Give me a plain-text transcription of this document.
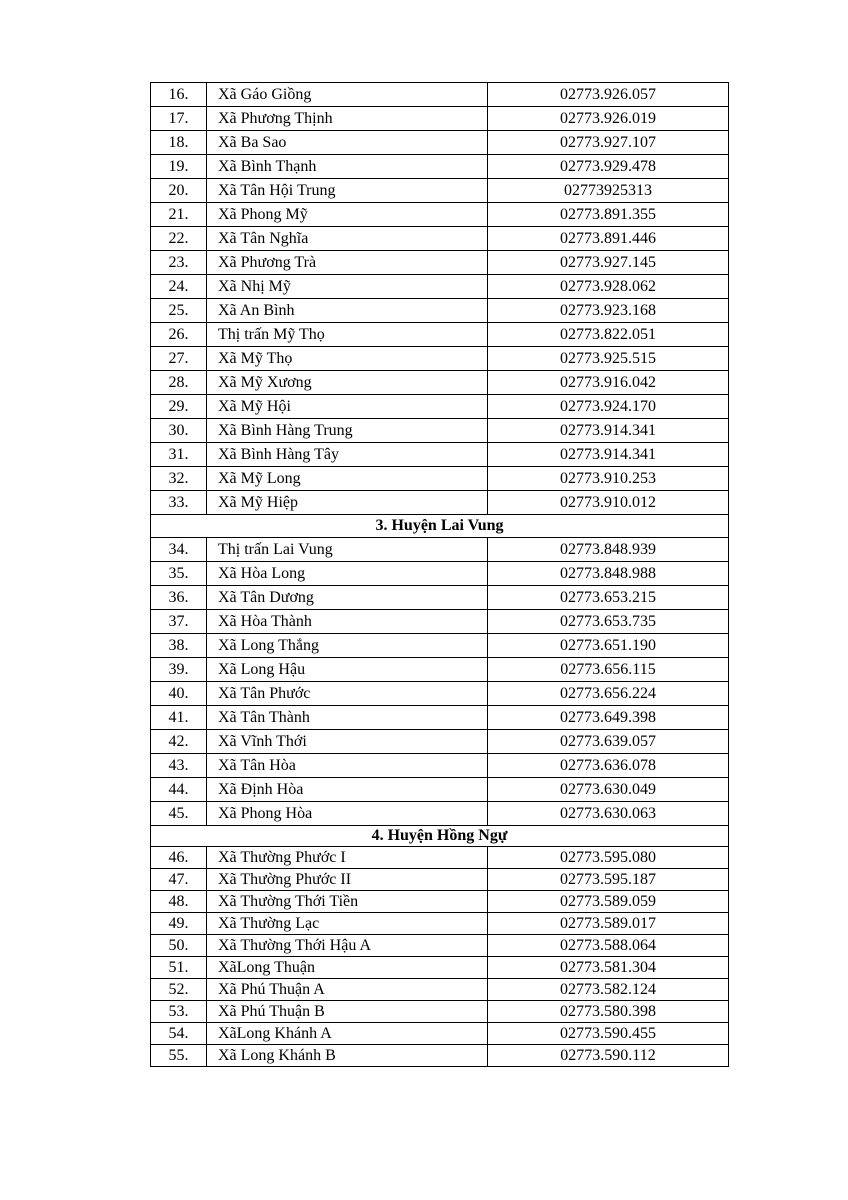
16.	Xã Gáo Giồng	02773.926.057
17.	Xã Phương Thịnh	02773.926.019
18.	Xã Ba Sao	02773.927.107
19.	Xã Bình Thạnh	02773.929.478
20.	Xã Tân Hội Trung	02773925313
21.	Xã Phong Mỹ	02773.891.355
22.	Xã Tân Nghĩa	02773.891.446
23.	Xã Phương Trà	02773.927.145
24.	Xã Nhị Mỹ	02773.928.062
25.	Xã An Bình	02773.923.168
26.	Thị trấn Mỹ Thọ	02773.822.051
27.	Xã Mỹ Thọ	02773.925.515
28.	Xã Mỹ Xương	02773.916.042
29.	Xã Mỹ Hội	02773.924.170
30.	Xã Bình Hàng Trung	02773.914.341
31.	Xã Bình Hàng Tây	02773.914.341
32.	Xã Mỹ Long	02773.910.253
33.	Xã Mỹ Hiệp	02773.910.012
3. Huyện Lai Vung		
34.	Thị trấn Lai Vung	02773.848.939
35.	Xã Hòa Long	02773.848.988
36.	Xã Tân Dương	02773.653.215
37.	Xã Hòa Thành	02773.653.735
38.	Xã Long Thắng	02773.651.190
39.	Xã Long Hậu	02773.656.115
40.	Xã Tân Phước	02773.656.224
41.	Xã Tân Thành	02773.649.398
42.	Xã Vĩnh Thới	02773.639.057
43.	Xã Tân Hòa	02773.636.078
44.	Xã Định Hòa	02773.630.049
45.	Xã Phong Hòa	02773.630.063
4. Huyện Hồng Ngự		
46.	Xã Thường Phước I	02773.595.080
47.	Xã Thường Phước II	02773.595.187
48.	Xã Thường Thới Tiền	02773.589.059
49.	Xã Thường Lạc	02773.589.017
50.	Xã Thường Thới Hậu A	02773.588.064
51.	XãLong Thuận	02773.581.304
52.	Xã Phú Thuận A	02773.582.124
53.	Xã Phú Thuận B	02773.580.398
54.	XãLong Khánh A	02773.590.455
55.	Xã Long Khánh B	02773.590.112
